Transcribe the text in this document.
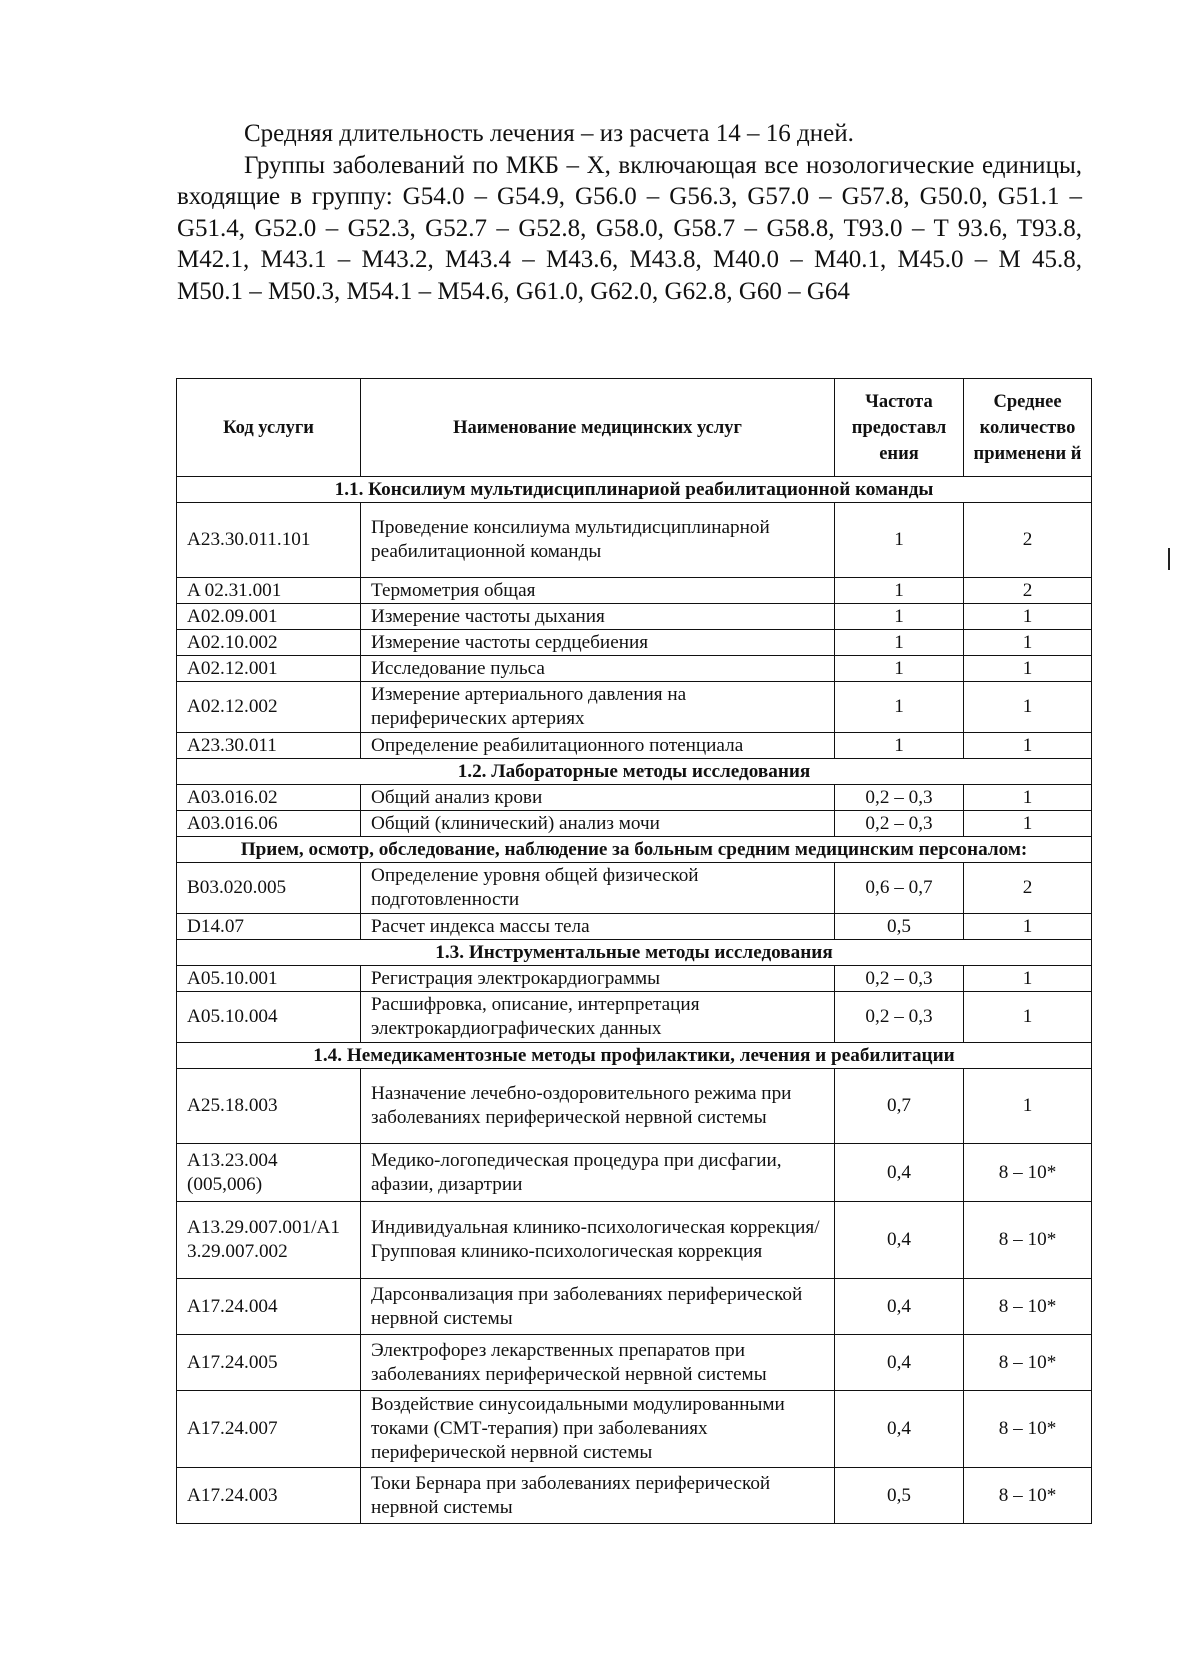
Средняя длительность лечения – из расчета 14 – 16 дней.

Группы заболеваний по МКБ – X, включающая все нозологические единицы, входящие в группу: G54.0 – G54.9, G56.0 – G56.3, G57.0 – G57.8, G50.0, G51.1 – G51.4, G52.0 – G52.3, G52.7 – G52.8, G58.0, G58.7 – G58.8, T93.0 – T 93.6, T93.8, M42.1, M43.1 – M43.2, M43.4 – M43.6, M43.8, M40.0 – M40.1, M45.0 – M 45.8, M50.1 – M50.3, M54.1 – M54.6, G61.0, G62.0, G62.8, G60 – G64

Код услуги	Наименование медицинских услуг	Частота предоставл ения	Среднее количество применени й
1.1. Консилиум мультидисциплинариой реабилитационной команды			
A23.30.011.101	Проведение консилиума мультидисциплинарной реабилитационной команды	1	2
A 02.31.001	Термометрия общая	1	2
A02.09.001	Измерение частоты дыхания	1	1
A02.10.002	Измерение частоты сердцебиения	1	1
A02.12.001	Исследование пульса	1	1
A02.12.002	Измерение артериального давления на периферических артериях	1	1
A23.30.011	Определение реабилитационного потенциала	1	1
1.2. Лабораторные методы исследования			
A03.016.02	Общий анализ крови	0,2 – 0,3	1
A03.016.06	Общий (клинический) анализ мочи	0,2 – 0,3	1
Прием, осмотр, обследование, наблюдение за больным средним медицинским персоналом:			
B03.020.005	Определение уровня общей физической подготовленности	0,6 – 0,7	2
D14.07	Расчет индекса массы тела	0,5	1
1.3. Инструментальные методы исследования			
A05.10.001	Регистрация электрокардиограммы	0,2 – 0,3	1
A05.10.004	Расшифровка, описание, интерпретация электрокардиографических данных	0,2 – 0,3	1
1.4. Немедикаментозные методы профилактики, лечения и реабилитации			
A25.18.003	Назначение лечебно-оздоровительного режима при заболеваниях периферической нервной системы	0,7	1
A13.23.004 (005,006)	Медико-логопедическая процедура при дисфагии, афазии, дизартрии	0,4	8 – 10*
A13.29.007.001/A13.29.007.002	Индивидуальная клинико-психологическая коррекция/Групповая клинико-психологическая коррекция	0,4	8 – 10*
A17.24.004	Дарсонвализация при заболеваниях периферической нервной системы	0,4	8 – 10*
A17.24.005	Электрофорез лекарственных препаратов при заболеваниях периферической нервной системы	0,4	8 – 10*
A17.24.007	Воздействие синусоидальными модулированными токами (СМТ-терапия) при заболеваниях периферической нервной системы	0,4	8 – 10*
A17.24.003	Токи Бернара при заболеваниях периферической нервной системы	0,5	8 – 10*
